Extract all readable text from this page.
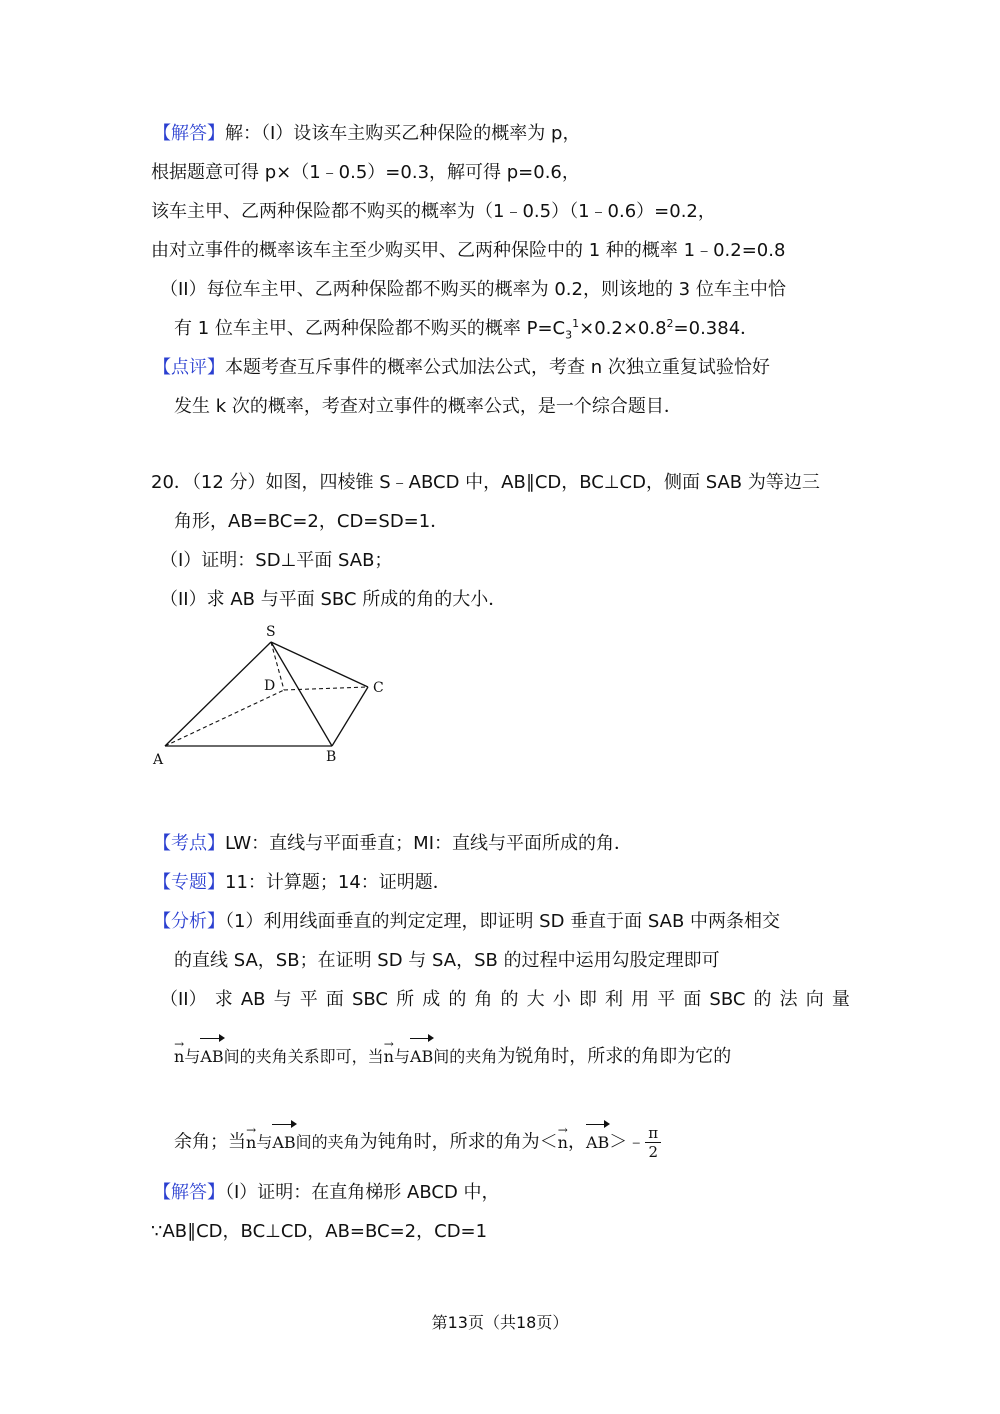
【解答】解：（I）设该车主购买乙种保险的概率为 p，
根据题意可得 p×（1﹣0.5）=0.3，解可得 p=0.6，
该车主甲、乙两种保险都不购买的概率为（1﹣0.5）（1﹣0.6）=0.2，
由对立事件的概率该车主至少购买甲、乙两种保险中的 1 种的概率 1﹣0.2=0.8
（II）每位车主甲、乙两种保险都不购买的概率为 0.2，则该地的 3 位车主中恰
有 1 位车主甲、乙两种保险都不购买的概率 $P=C_3^1\times 0.2\times 0.8^2=0.384$．
【点评】本题考查互斥事件的概率公式加法公式，考查 n 次独立重复试验恰好
发生 k 次的概率，考查对立事件的概率公式，是一个综合题目．
20．（12 分）如图，四棱锥 S﹣ABCD 中，AB∥CD，BC⊥CD，侧面 SAB 为等边三
角形，AB=BC=2，CD=SD=1．
（I）证明：SD⊥平面 SAB；
（II）求 AB 与平面 SBC 所成的角的大小．
S
D	C
A	B
【考点】LW：直线与平面垂直；MI：直线与平面所成的角．
【专题】11：计算题；14：证明题．
【分析】（1）利用线面垂直的判定定理，即证明 SD 垂直于面 SAB 中两条相交
的直线 SA，SB；在证明 SD 与 SA，SB 的过程中运用勾股定理即可
（II） 求 AB 与 平 面 SBC 所 成 的 角 的 大 小 即 利 用 平 面 SBC 的 法 向 量
→ n与AB间的夹角关系即可，当→ n与AB间的夹角为锐角时，所求的角即为它的
余角；当→ n与AB间的夹角为钝角时，所求的角为＜→ n，AB＞﹣ $\frac{\pi}{2}$
【解答】（I）证明：在直角梯形 ABCD 中，
∵AB∥CD，BC⊥CD，AB=BC=2，CD=1
第13页（共18页）
